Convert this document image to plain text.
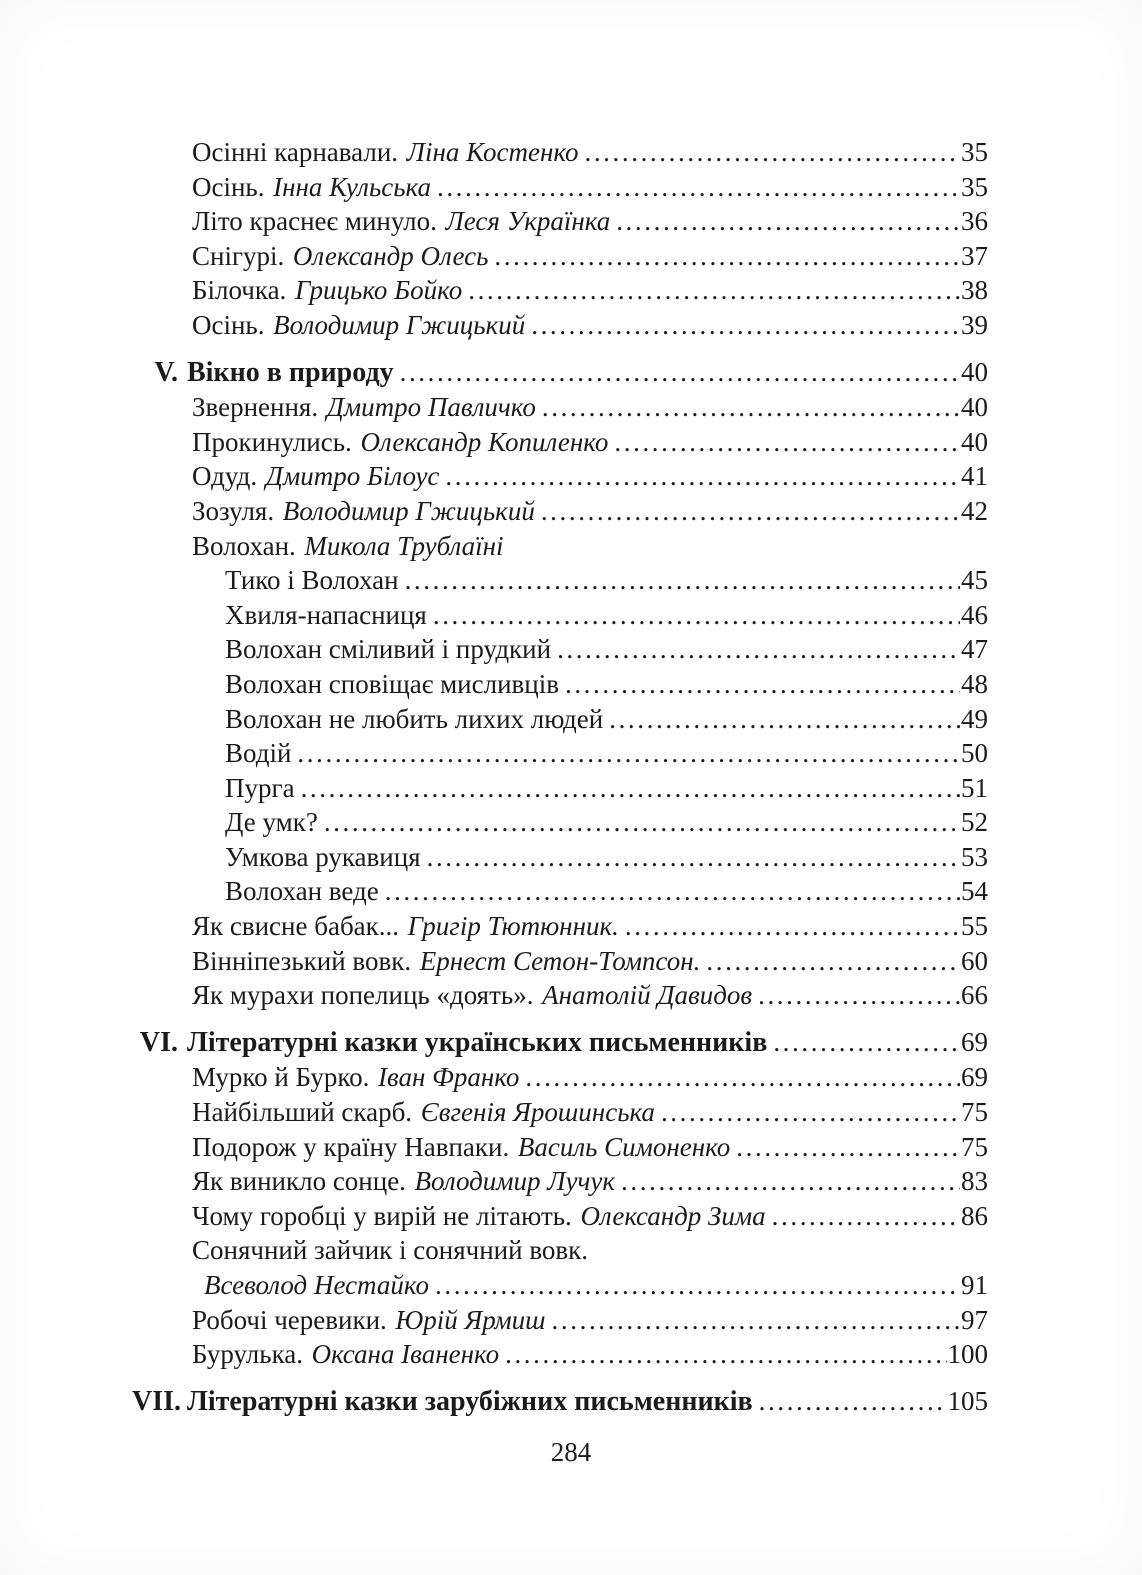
Осінні карнавали. Ліна Костенко .....	35
Осінь. Інна Кульська .....	35
Літо краснеє минуло. Леся Українка .....	36
Снігурі. Олександр Олесь .....	37
Білочка. Грицько Бойко .....	38
Осінь. Володимир Гжицький .....	39
V. Вікно в природу .....	40
Звернення. Дмитро Павличко .....	40
Прокинулись. Олександр Копиленко .....	40
Одуд. Дмитро Білоус .....	41
Зозуля. Володимир Гжицький .....	42
Волохан. Микола Трублаїні
Тико і Волохан .....	45
Хвиля-напасниця .....	46
Волохан сміливий і прудкий .....	47
Волохан сповіщає мисливців .....	48
Волохан не любить лихих людей .....	49
Водій .....	50
Пурга .....	51
Де умк? .....	52
Умкова рукавиця .....	53
Волохан веде .....	54
Як свисне бабак... Григір Тютюнник. .....	55
Вінніпезький вовк. Ернест Сетон-Томпсон. .....	60
Як мурахи попелиць «доять». Анатолій Давидов .....	66
VI. Літературні казки українських письменників .....	69
Мурко й Бурко. Іван Франко .....	69
Найбільший скарб. Євгенія Ярошинська .....	75
Подорож у країну Навпаки. Василь Симоненко .....	75
Як виникло сонце. Володимир Лучук .....	83
Чому горобці у вирій не літають. Олександр Зима .....	86
Сонячний зайчик і сонячний вовк.
Всеволод Нестайко .....	91
Робочі черевики. Юрій Ярмиш .....	97
Бурулька. Оксана Іваненко .....	100
VII. Літературні казки зарубіжних письменників .....	105
284
